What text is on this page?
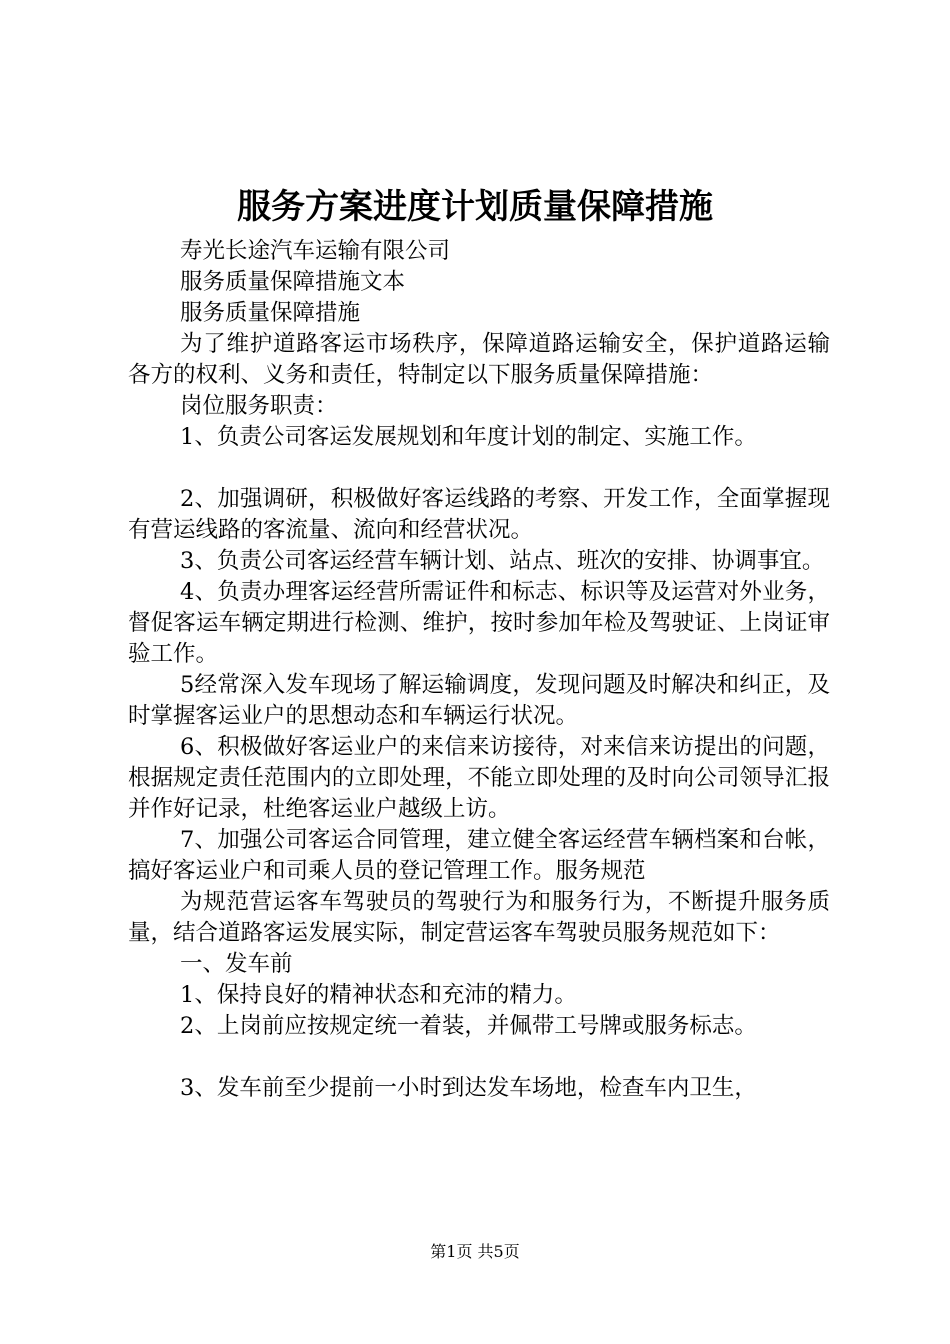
服务方案进度计划质量保障措施

寿光长途汽车运输有限公司

服务质量保障措施文本

服务质量保障措施

为了维护道路客运市场秩序，保障道路运输安全，保护道路运输各方的权利、义务和责任，特制定以下服务质量保障措施：

岗位服务职责：

1、负责公司客运发展规划和年度计划的制定、实施工作。

2、加强调研，积极做好客运线路的考察、开发工作，全面掌握现有营运线路的客流量、流向和经营状况。

3、负责公司客运经营车辆计划、站点、班次的安排、协调事宜。

4、负责办理客运经营所需证件和标志、标识等及运营对外业务，督促客运车辆定期进行检测、维护，按时参加年检及驾驶证、上岗证审验工作。

5经常深入发车现场了解运输调度，发现问题及时解决和纠正，及时掌握客运业户的思想动态和车辆运行状况。

6、积极做好客运业户的来信来访接待，对来信来访提出的问题，根据规定责任范围内的立即处理，不能立即处理的及时向公司领导汇报并作好记录，杜绝客运业户越级上访。

7、加强公司客运合同管理，建立健全客运经营车辆档案和台帐，搞好客运业户和司乘人员的登记管理工作。服务规范

为规范营运客车驾驶员的驾驶行为和服务行为，不断提升服务质量，结合道路客运发展实际，制定营运客车驾驶员服务规范如下：

一、发车前

1、保持良好的精神状态和充沛的精力。

2、上岗前应按规定统一着装，并佩带工号牌或服务标志。

3、发车前至少提前一小时到达发车场地，检查车内卫生，

第1页 共5页
